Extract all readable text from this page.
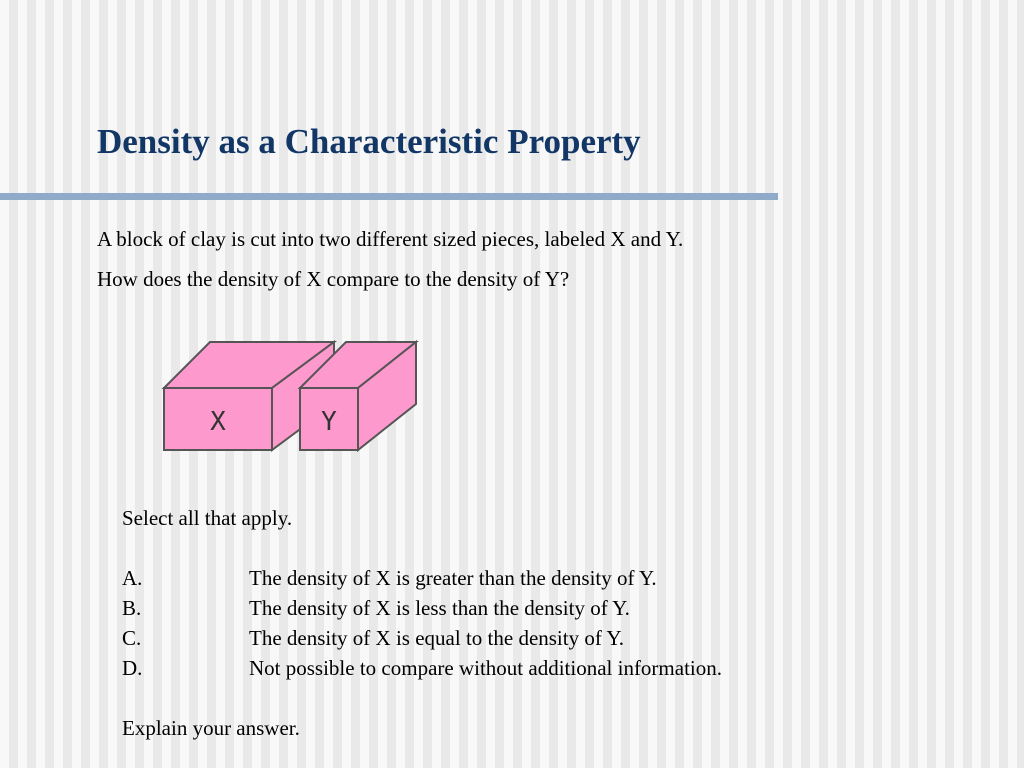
Density as a Characteristic Property

A block of clay is cut into two different sized pieces, labeled X and Y.

How does the density of X compare to the density of Y?

X	Y
Select all that apply.
A.	The density of X is greater than the density of Y.
B.	The density of X is less than the density of Y.
C.	The density of X is equal to the density of Y.
D.	Not possible to compare without additional information.
Explain your answer.
